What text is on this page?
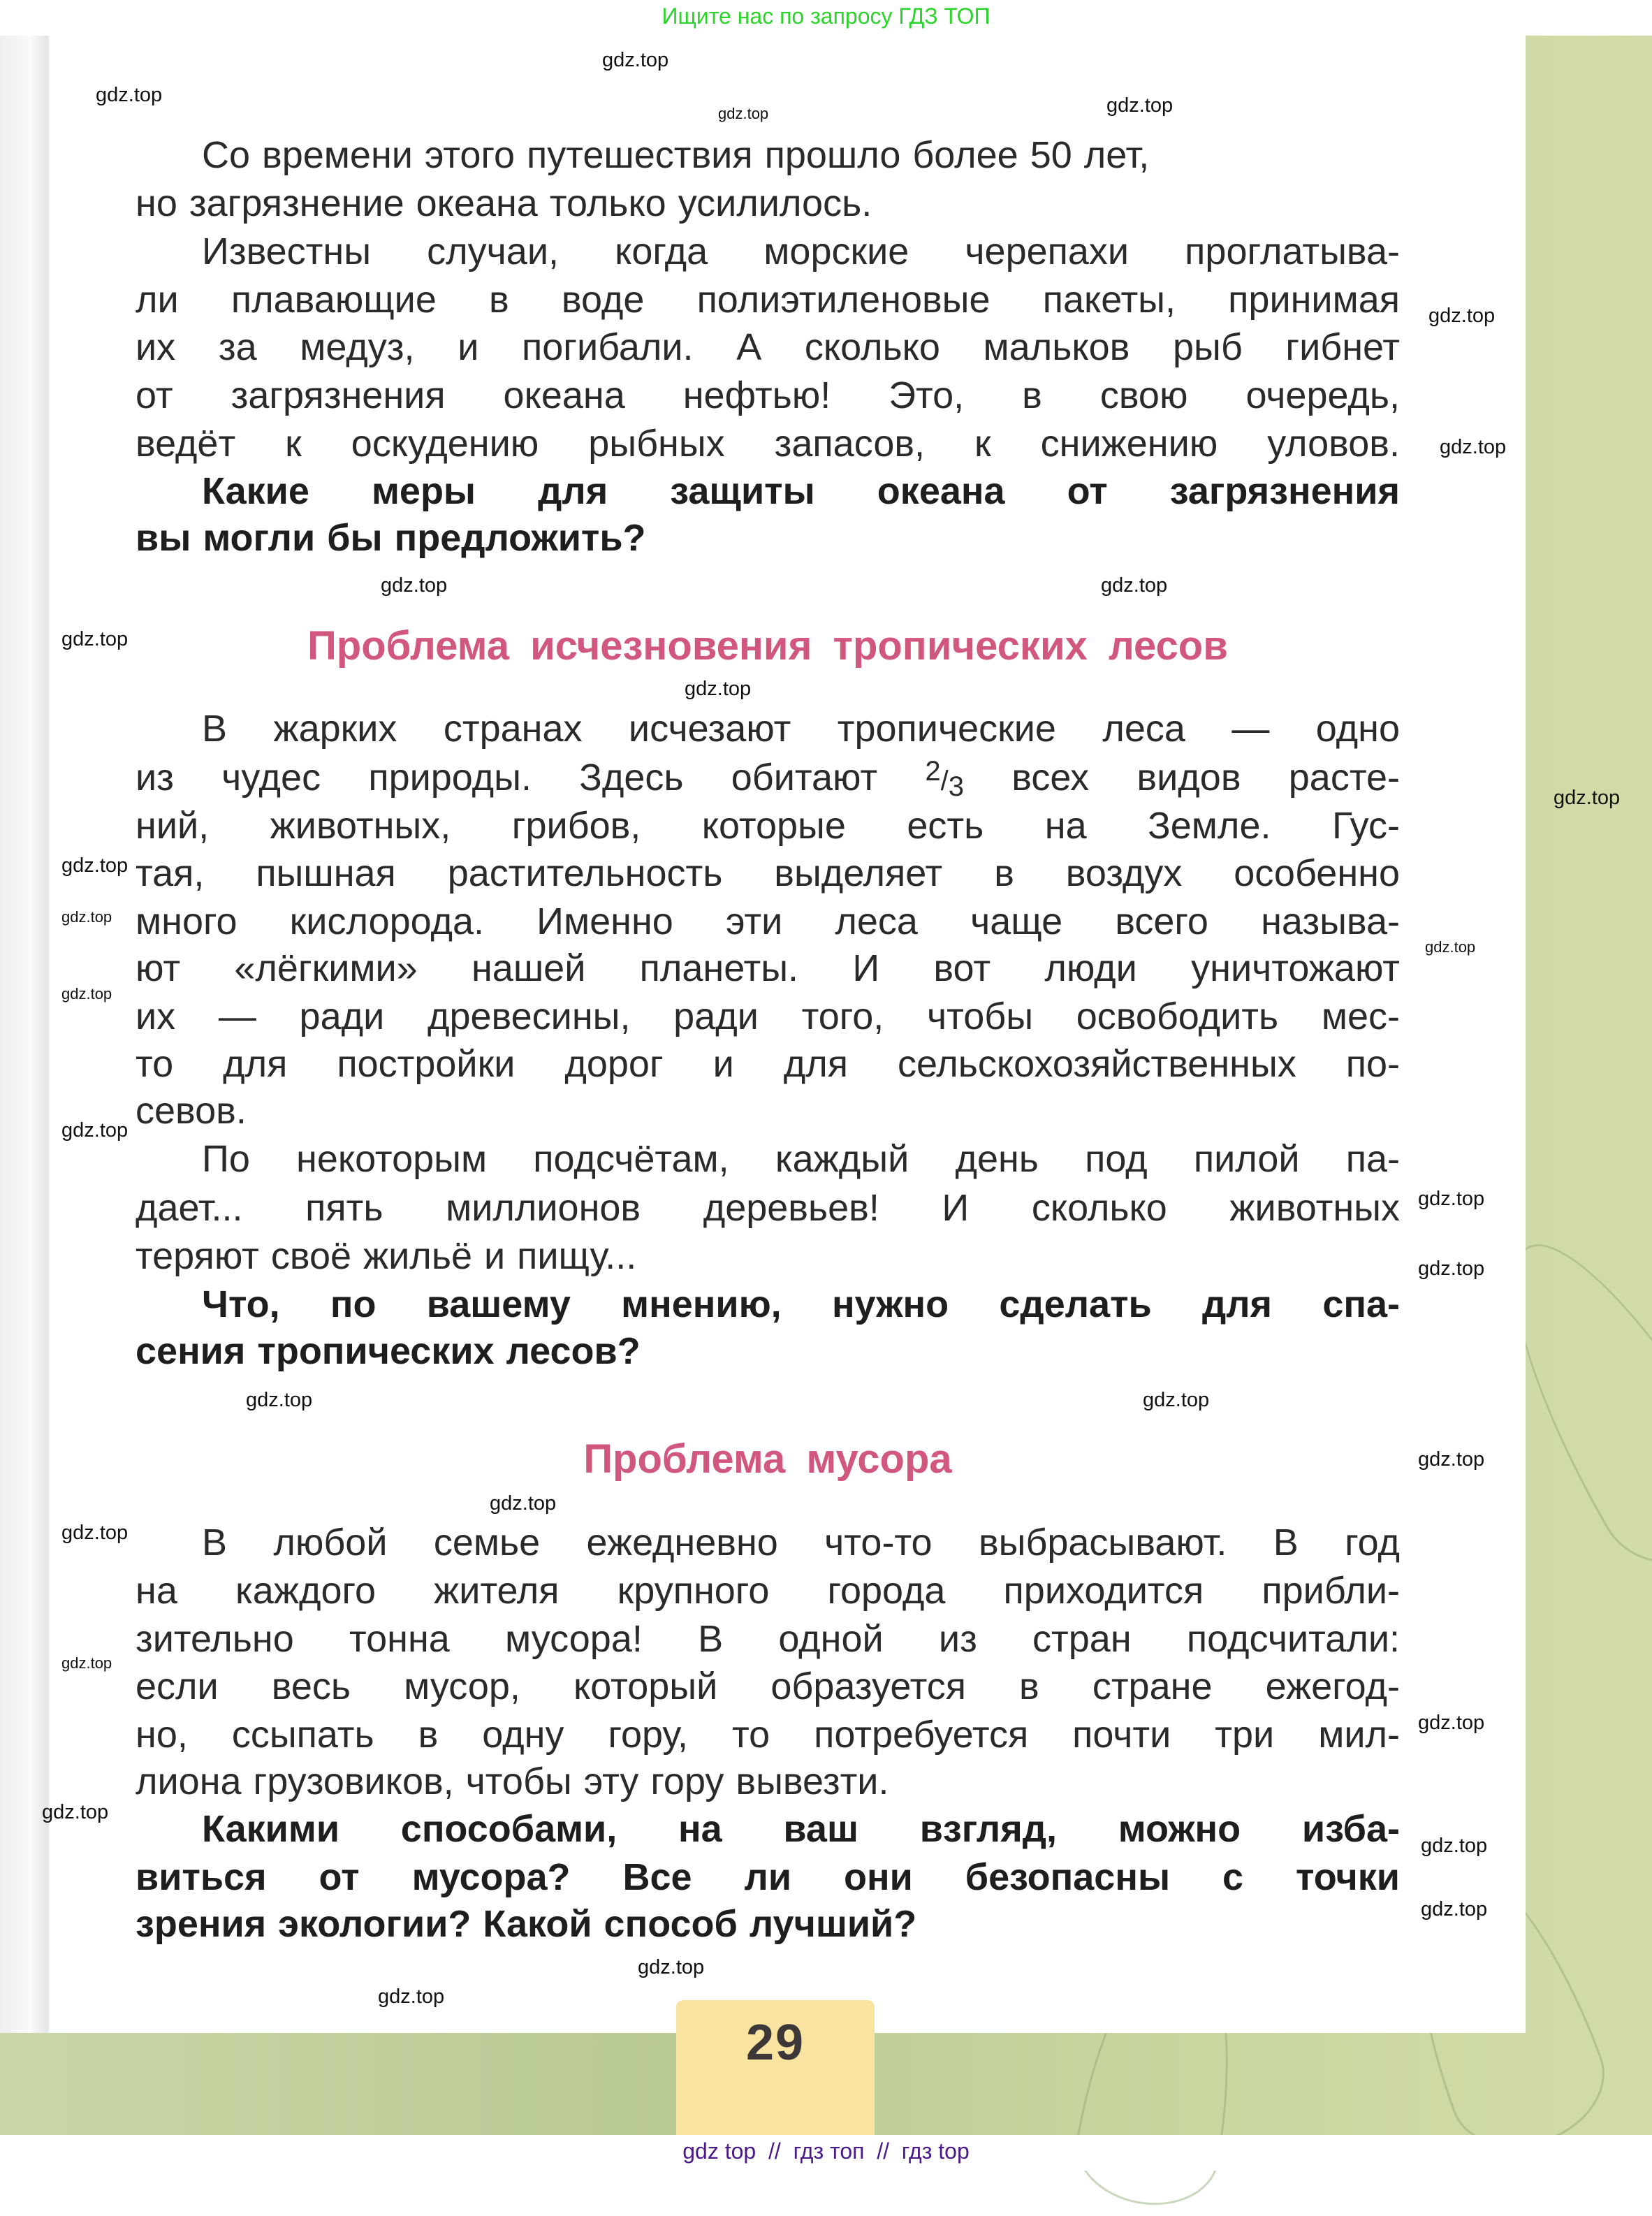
Ищите нас по запросу ГДЗ ТОП
29
Со времени этого путешествия прошло более 50 лет,
но загрязнение океана только усилилось.
Известны случаи, когда морские черепахи проглатыва-
ли плавающие в воде полиэтиленовые пакеты, принимая
их за медуз, и погибали. А сколько мальков рыб гибнет
от загрязнения океана нефтью! Это, в свою очередь,
ведёт к оскудению рыбных запасов, к снижению уловов.
Какие меры для защиты океана от загрязнения
вы могли бы предложить?
Проблема исчезновения тропических лесов
В жарких странах исчезают тропические леса — одно
из чудес природы. Здесь обитают 2/3 всех видов расте-
ний, животных, грибов, которые есть на Земле. Гус-
тая, пышная растительность выделяет в воздух особенно
много кислорода. Именно эти леса чаще всего называ-
ют «лёгкими» нашей планеты. И вот люди уничтожают
их — ради древесины, ради того, чтобы освободить мес-
то для постройки дорог и для сельскохозяйственных по-
севов.
По некоторым подсчётам, каждый день под пилой па-
дает... пять миллионов деревьев! И сколько животных
теряют своё жильё и пищу...
Что, по вашему мнению, нужно сделать для спа-
сения тропических лесов?
Проблема мусора
В любой семье ежедневно что-то выбрасывают. В год
на каждого жителя крупного города приходится прибли-
зительно тонна мусора! В одной из стран подсчитали:
если весь мусор, который образуется в стране ежегод-
но, ссыпать в одну гору, то потребуется почти три мил-
лиона грузовиков, чтобы эту гору вывезти.
Какими способами, на ваш взгляд, можно изба-
виться от мусора? Все ли они безопасны с точки
зрения экологии? Какой способ лучший?
gdz.top
gdz.top	gdz.top
gdz.top
gdz.top
gdz.top
gdz.top
gdz.top
gdz.top
gdz.top
gdz.top
gdz.top
gdz.top
gdz.top
gdz.top
gdz.top
gdz.top
gdz.top
gdz.top
gdz.top
gdz.top
gdz.top
gdz.top
gdz.top
gdz.top
gdz.top
gdz.top
gdz.top
gdz.top
gdz.top
gdz top  //  гдз топ  //  гдз top
